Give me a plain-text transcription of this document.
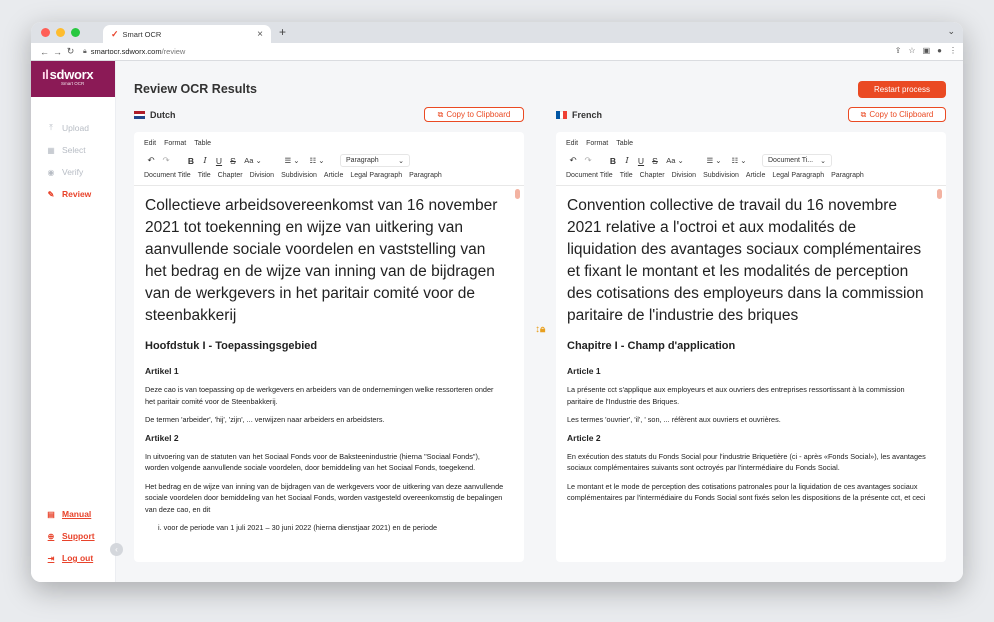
✓ Smart OCR	× +	⌄
← → ↻	🔒︎ smartocr.sdworx.com/review	⇪ ☆ ▣ ● ⋮
ılsdworx
Smart OCR
⤒	Upload
▦ Select
◉ Verify
✎ Review
▤ Manual
⊕ Support
⇥ Log out
‹
Review OCR Results	Restart process
Dutch	⧉ Copy to Clipboard
Edit Format Table
↶ ↷	B	I	U S	Aa ⌄	☰ ⌄	☷ ⌄	Paragraph	⌄
Document Title Title Chapter Division Subdivision Article Legal Paragraph Paragraph
Collectieve arbeidsovereenkomst van 16 november 2021 tot toekenning en wijze van uitkering van aanvullende sociale voordelen en vaststelling van het bedrag en de wijze van inning van de bijdragen van de werkgevers in het paritair comité voor de steenbakkerij
Hoofdstuk I - Toepassingsgebied
Artikel 1
Deze cao is van toepassing op de werkgevers en arbeiders van de ondernemingen welke ressorteren onder het paritair comité voor de Steenbakkerij.
De termen 'arbeider', 'hij', 'zijn', ... verwijzen naar arbeiders en arbeidsters.
Artikel 2
In uitvoering van de statuten van het Sociaal Fonds voor de Baksteenindustrie (hierna "Sociaal Fonds"), worden volgende aanvullende sociale voordelen, door bemiddeling van het Sociaal Fonds, toegekend.
Het bedrag en de wijze van inning van de bijdragen van de werkgevers voor de uitkering van deze aanvullende sociale voordelen door bemiddeling van het Sociaal Fonds, worden vastgesteld overeenkomstig de bepalingen van deze cao, en dit
i. voor de periode van 1 juli 2021 – 30 juni 2022 (hierna dienstjaar 2021) en de periode
↕🔒︎
French	⧉ Copy to Clipboard
Edit Format Table
↶ ↷	B	I	U S	Aa ⌄	☰ ⌄	☷ ⌄	Document Ti... ⌄
Document Title Title Chapter Division Subdivision Article Legal Paragraph Paragraph
Convention collective de travail du 16 novembre 2021 relative a l'octroi et aux modalités de liquidation des avantages sociaux complémentaires et fixant le montant et les modalités de perception des cotisations des employeurs dans la commission paritaire de l'industrie des briques
Chapitre I - Champ d'application
Article 1
La présente cct s'applique aux employeurs et aux ouvriers des entreprises ressortissant à la commission paritaire de l'Industrie des Briques.
Les termes 'ouvrier', 'il', ' son, ... réfèrent aux ouvriers et ouvrières.
Article 2
En exécution des statuts du Fonds Social pour l'industrie Briquetière (ci - après «Fonds Social»), les avantages sociaux complémentaires suivants sont octroyés par l'intermédiaire du Fonds Social.
Le montant et le mode de perception des cotisations patronales pour la liquidation de ces avantages sociaux complémentaires par l'intermédiaire du Fonds Social sont fixés selon les dispositions de la présente cct, et ceci
